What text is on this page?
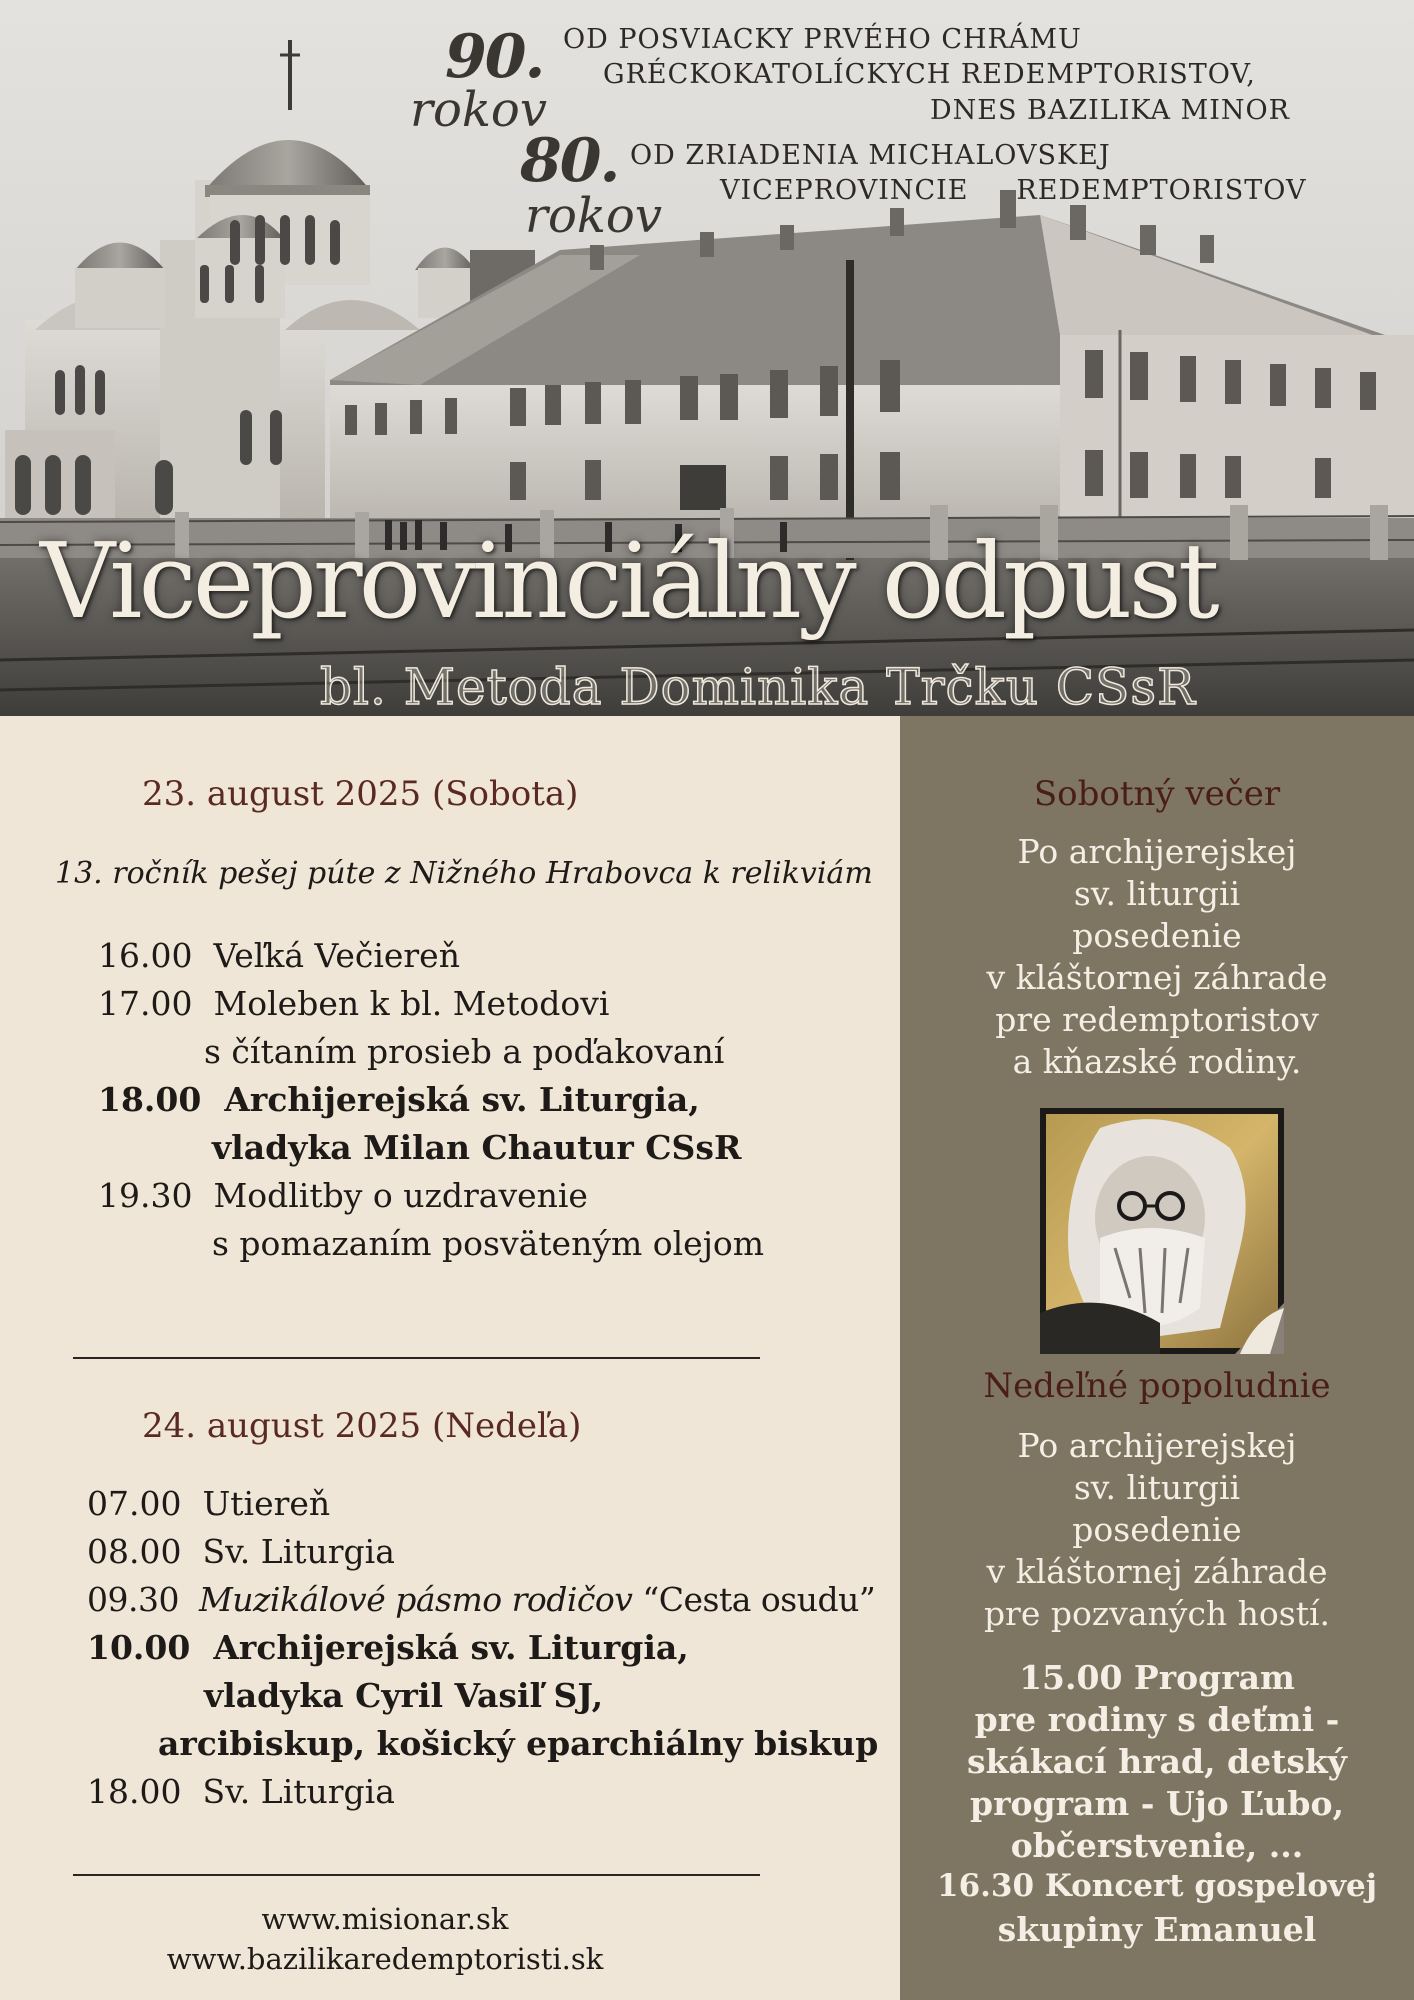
90.
rokov
80.
rokov
OD POSVIACKY PRVÉHO CHRÁMU
GRÉCKOKATOLÍCKYCH REDEMPTORISTOV,
DNES BAZILIKA MINOR
OD ZRIADENIA MICHALOVSKEJ
VICEPROVINCIE     REDEMPTORISTOV
Viceprovinciálny odpust
bl. Metoda Dominika Trčku CSsR
23. august 2025 (Sobota)
13. ročník pešej púte z Nižného Hrabovca k relikviám
16.00 Veľká Večiereň
17.00 Moleben k bl. Metodovi
s čítaním prosieb a poďakovaní
18.00 Archijerejská sv. Liturgia,
vladyka Milan Chautur CSsR
19.30 Modlitby o uzdravenie
s pomazaním posväteným olejom
24. august 2025 (Nedeľa)
07.00 Utiereň
08.00 Sv. Liturgia
09.30 Muzikálové pásmo rodičov “Cesta osudu”
10.00 Archijerejská sv. Liturgia,
vladyka Cyril Vasiľ SJ,
arcibiskup, košický eparchiálny biskup
18.00 Sv. Liturgia
www.misionar.sk
www.bazilikaredemptoristi.sk
Sobotný večer
Po archijerejskej
sv. liturgii
posedenie
v kláštornej záhrade
pre redemptoristov
a kňazské rodiny.
Nedeľné popoludnie
Po archijerejskej
sv. liturgii
posedenie
v kláštornej záhrade
pre pozvaných hostí.
15.00 Program
pre rodiny s deťmi -
skákací hrad, detský
program - Ujo Ľubo,
občerstvenie, ...
16.30 Koncert gospelovej
skupiny Emanuel
